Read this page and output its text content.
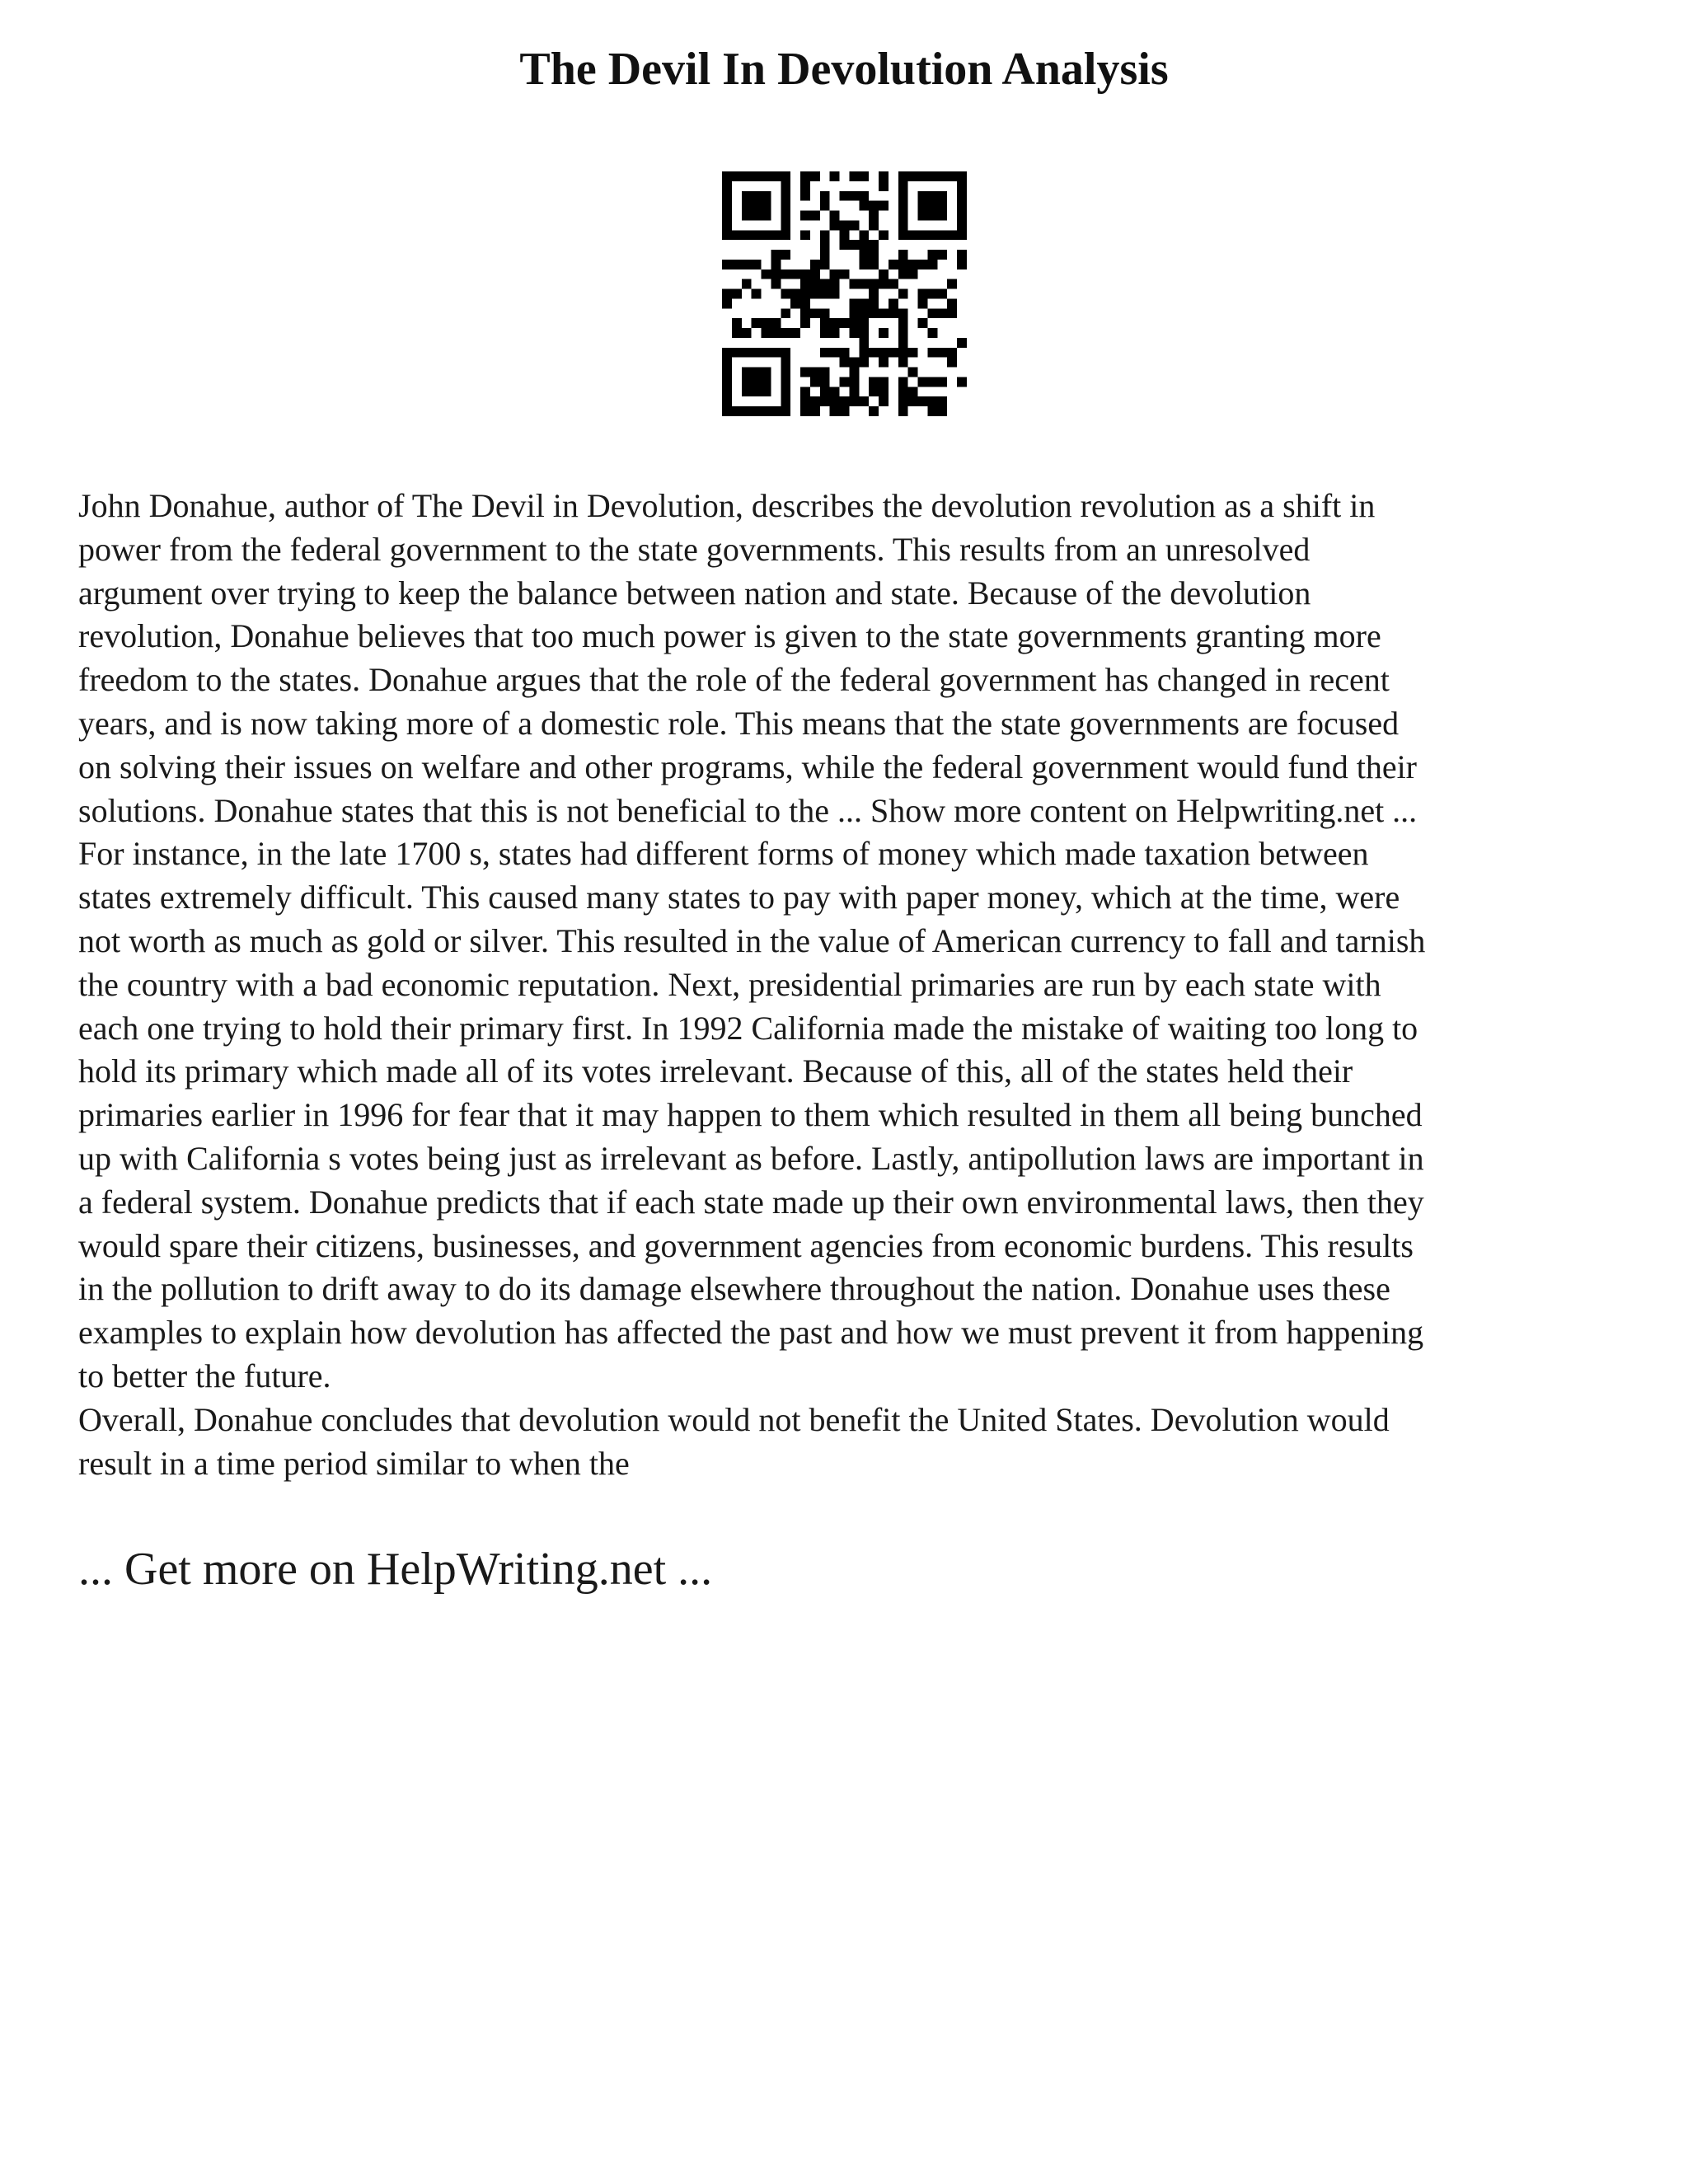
The Devil In Devolution Analysis
John Donahue, author of The Devil in Devolution, describes the devolution revolution as a shift in
power from the federal government to the state governments. This results from an unresolved
argument over trying to keep the balance between nation and state. Because of the devolution
revolution, Donahue believes that too much power is given to the state governments granting more
freedom to the states. Donahue argues that the role of the federal government has changed in recent
years, and is now taking more of a domestic role. This means that the state governments are focused
on solving their issues on welfare and other programs, while the federal government would fund their
solutions. Donahue states that this is not beneficial to the ... Show more content on Helpwriting.net ...
For instance, in the late 1700 s, states had different forms of money which made taxation between
states extremely difficult. This caused many states to pay with paper money, which at the time, were
not worth as much as gold or silver. This resulted in the value of American currency to fall and tarnish
the country with a bad economic reputation. Next, presidential primaries are run by each state with
each one trying to hold their primary first. In 1992 California made the mistake of waiting too long to
hold its primary which made all of its votes irrelevant. Because of this, all of the states held their
primaries earlier in 1996 for fear that it may happen to them which resulted in them all being bunched
up with California s votes being just as irrelevant as before. Lastly, antipollution laws are important in
a federal system. Donahue predicts that if each state made up their own environmental laws, then they
would spare their citizens, businesses, and government agencies from economic burdens. This results
in the pollution to drift away to do its damage elsewhere throughout the nation. Donahue uses these
examples to explain how devolution has affected the past and how we must prevent it from happening
to better the future.
Overall, Donahue concludes that devolution would not benefit the United States. Devolution would
result in a time period similar to when the
... Get more on HelpWriting.net ...
